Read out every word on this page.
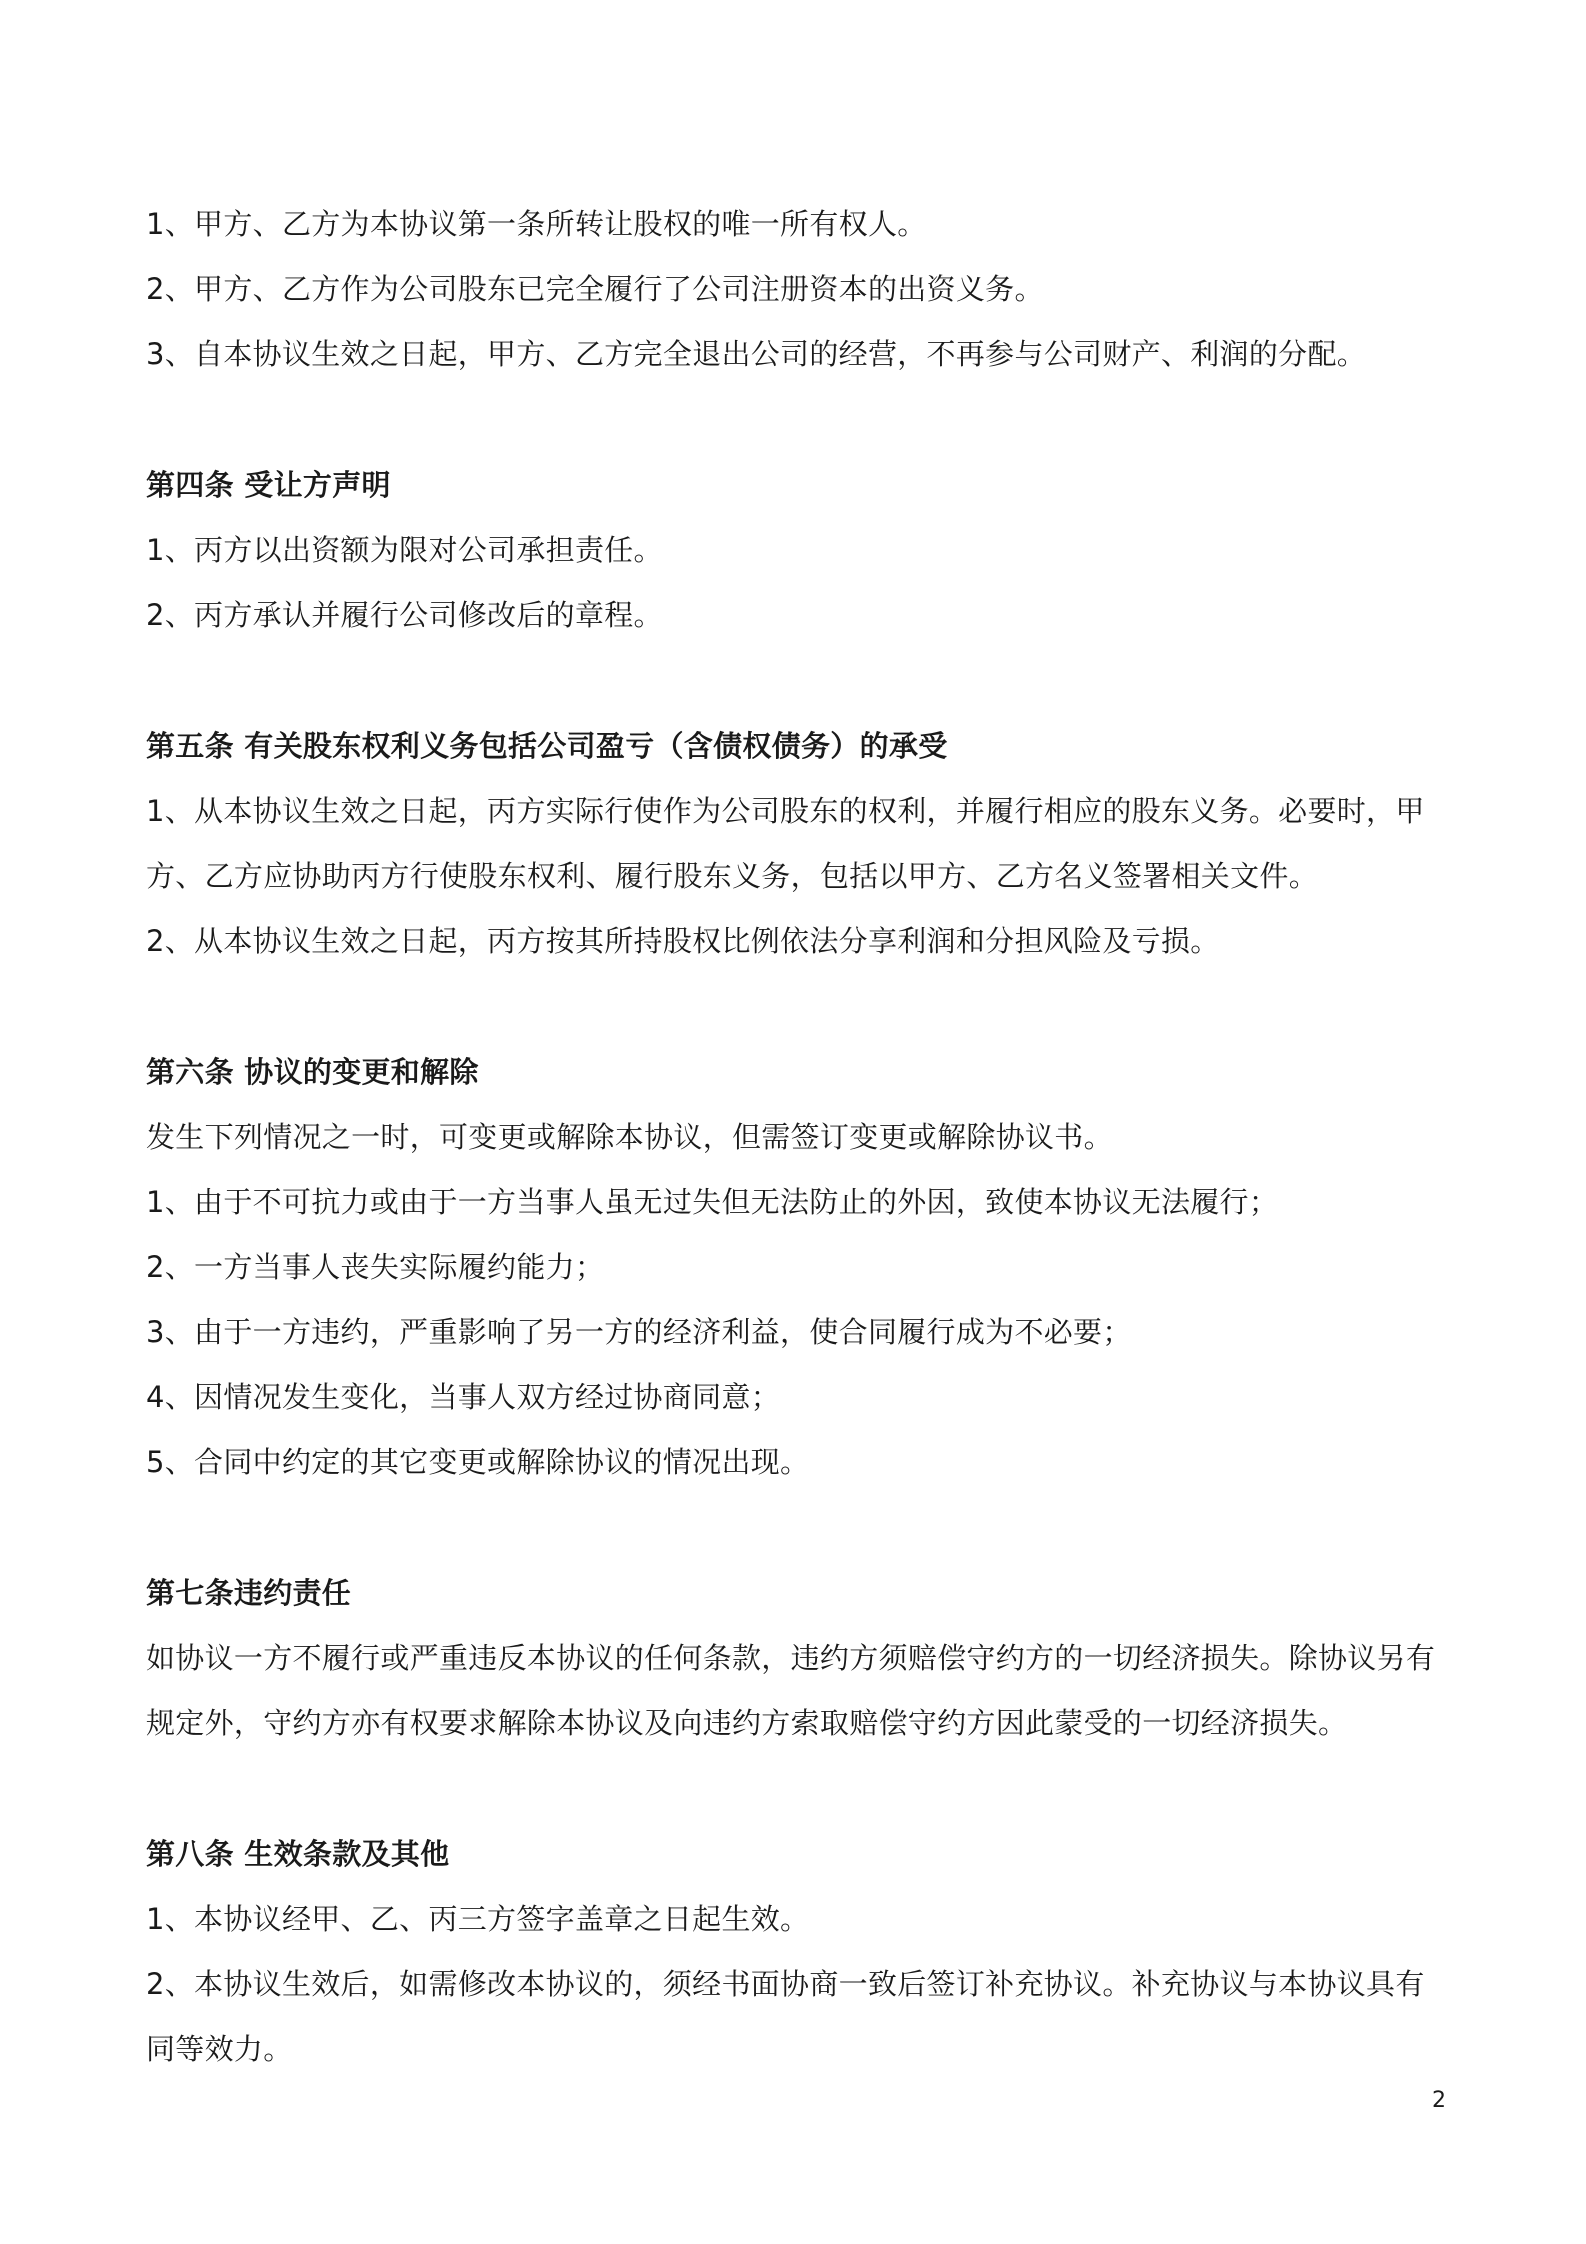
1、甲方、乙方为本协议第一条所转让股权的唯一所有权人。

2、甲方、乙方作为公司股东已完全履行了公司注册资本的出资义务。

3、自本协议生效之日起，甲方、乙方完全退出公司的经营，不再参与公司财产、利润的分配。

第四条 受让方声明

1、丙方以出资额为限对公司承担责任。

2、丙方承认并履行公司修改后的章程。

第五条 有关股东权利义务包括公司盈亏（含债权债务）的承受

1、从本协议生效之日起，丙方实际行使作为公司股东的权利，并履行相应的股东义务。必要时，甲方、乙方应协助丙方行使股东权利、履行股东义务，包括以甲方、乙方名义签署相关文件。

2、从本协议生效之日起，丙方按其所持股权比例依法分享利润和分担风险及亏损。

第六条 协议的变更和解除

发生下列情况之一时，可变更或解除本协议，但需签订变更或解除协议书。

1、由于不可抗力或由于一方当事人虽无过失但无法防止的外因，致使本协议无法履行；

2、一方当事人丧失实际履约能力；

3、由于一方违约，严重影响了另一方的经济利益，使合同履行成为不必要；

4、因情况发生变化，当事人双方经过协商同意；

5、合同中约定的其它变更或解除协议的情况出现。

第七条违约责任

如协议一方不履行或严重违反本协议的任何条款，违约方须赔偿守约方的一切经济损失。除协议另有规定外，守约方亦有权要求解除本协议及向违约方索取赔偿守约方因此蒙受的一切经济损失。

第八条 生效条款及其他

1、本协议经甲、乙、丙三方签字盖章之日起生效。

2、本协议生效后，如需修改本协议的，须经书面协商一致后签订补充协议。补充协议与本协议具有同等效力。

2
